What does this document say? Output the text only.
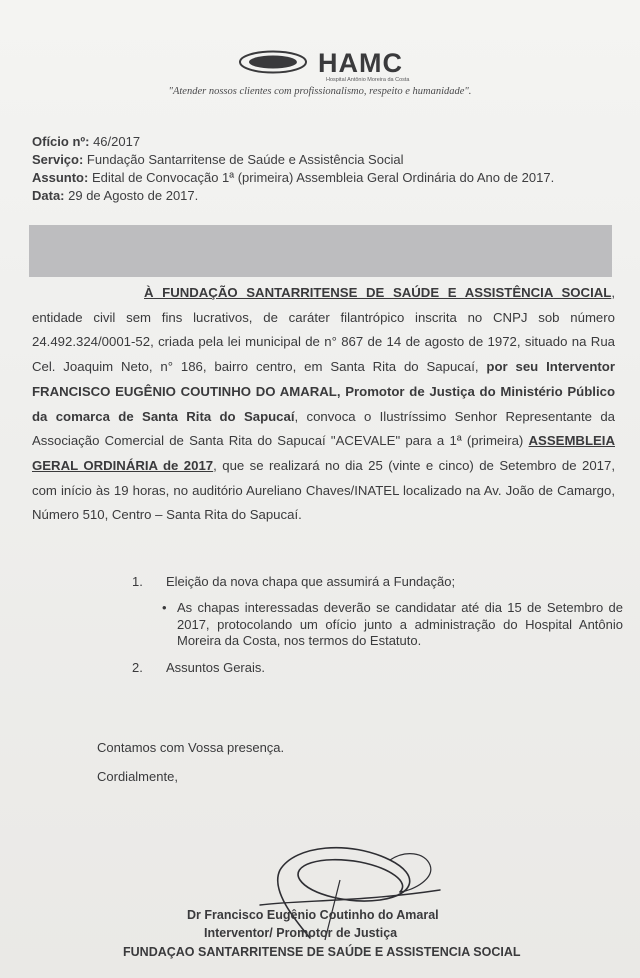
HAMC
Hospital Antônio Moreira da Costa
"Atender nossos clientes com profissionalismo, respeito e humanidade".
Ofício nº: 46/2017
Serviço: Fundação Santarritense de Saúde e Assistência Social
Assunto: Edital de Convocação 1ª (primeira) Assembleia Geral Ordinária do Ano de 2017.
Data: 29 de Agosto de 2017.
À FUNDAÇÃO SANTARRITENSE DE SAÚDE E ASSISTÊNCIA SOCIAL, entidade civil sem fins lucrativos, de caráter filantrópico inscrita no CNPJ sob número 24.492.324/0001-52, criada pela lei municipal de n° 867 de 14 de agosto de 1972, situado na Rua Cel. Joaquim Neto, n° 186, bairro centro, em Santa Rita do Sapucaí, por seu Interventor FRANCISCO EUGÊNIO COUTINHO DO AMARAL, Promotor de Justiça do Ministério Público da comarca de Santa Rita do Sapucaí, convoca o Ilustríssimo Senhor Representante da Associação Comercial de Santa Rita do Sapucaí "ACEVALE" para a 1ª (primeira) ASSEMBLEIA GERAL ORDINÁRIA de 2017, que se realizará no dia 25 (vinte e cinco) de Setembro de 2017, com início às 19 horas, no auditório Aureliano Chaves/INATEL localizado na Av. João de Camargo, Número 510, Centro – Santa Rita do Sapucaí.
1.	Eleição da nova chapa que assumirá a Fundação;
• As chapas interessadas deverão se candidatar até dia 15 de Setembro de 2017, protocolando um ofício junto a administração do Hospital Antônio Moreira da Costa, nos termos do Estatuto.
2.	Assuntos Gerais.
Contamos com Vossa presença.
Cordialmente,
Dr Francisco Eugênio Coutinho do Amaral
Interventor/ Promotor de Justiça
FUNDAÇAO SANTARRITENSE DE SAÚDE E ASSISTENCIA SOCIAL
